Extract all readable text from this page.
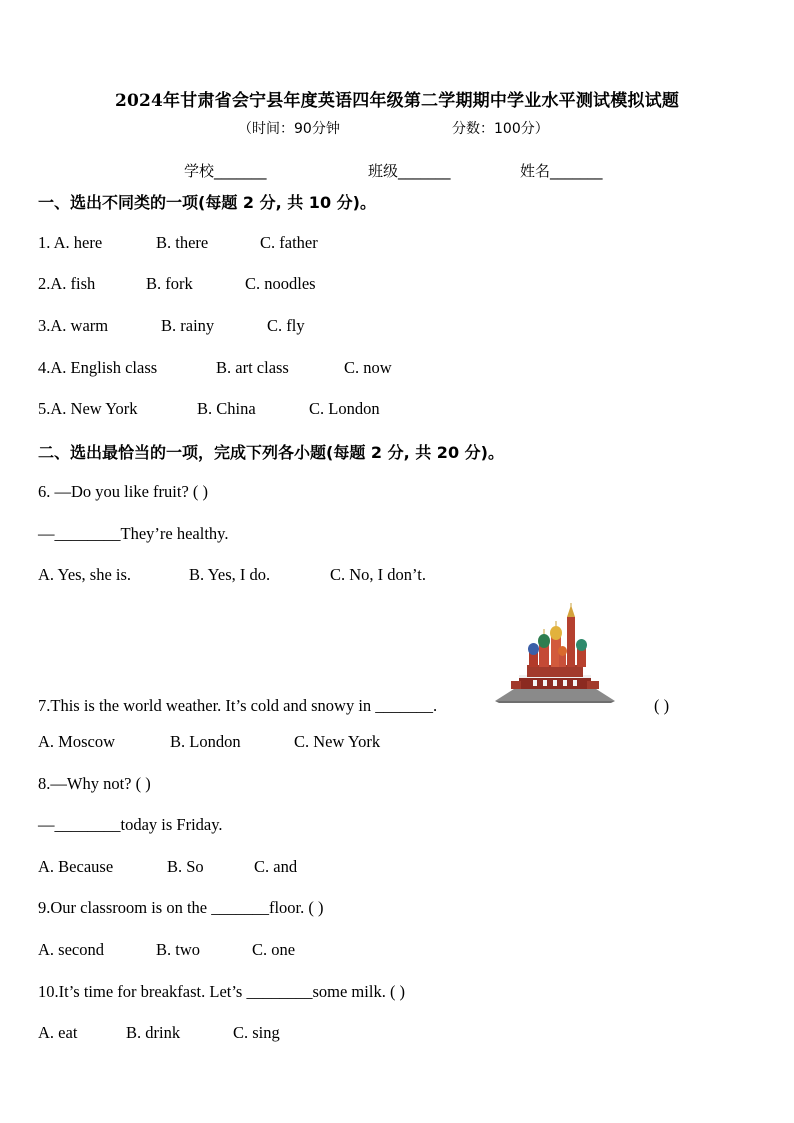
2024年甘肃省会宁县年度英语四年级第二学期期中学业水平测试模拟试题
（时间：90分钟	分数：100分）
学校_______	班级_______	姓名_______
一、选出不同类的一项(每题 2 分, 共 10 分)。
1. A. here	B. there	C. father
2.A. fish	B. fork	C. noodles
3.A. warm	B. rainy	C. fly
4.A. English class	B. art class	C. now
5.A. New York	B. China	C. London
二、选出最恰当的一项，完成下列各小题(每题 2 分, 共 20 分)。
6. —Do you like fruit? ( )
—________They’re healthy.
A. Yes, she is.	B. Yes, I do.	C. No, I don’t.
7.This is the world weather. It’s cold and snowy in _______.	( )
A. Moscow	B. London	C. New York
8.—Why not? ( )
—________today is Friday.
A. Because	B. So	C. and
9.Our classroom is on the _______floor. ( )
A. second	B. two	C. one
10.It’s time for breakfast. Let’s ________some milk. ( )
A. eat	B. drink	C. sing
